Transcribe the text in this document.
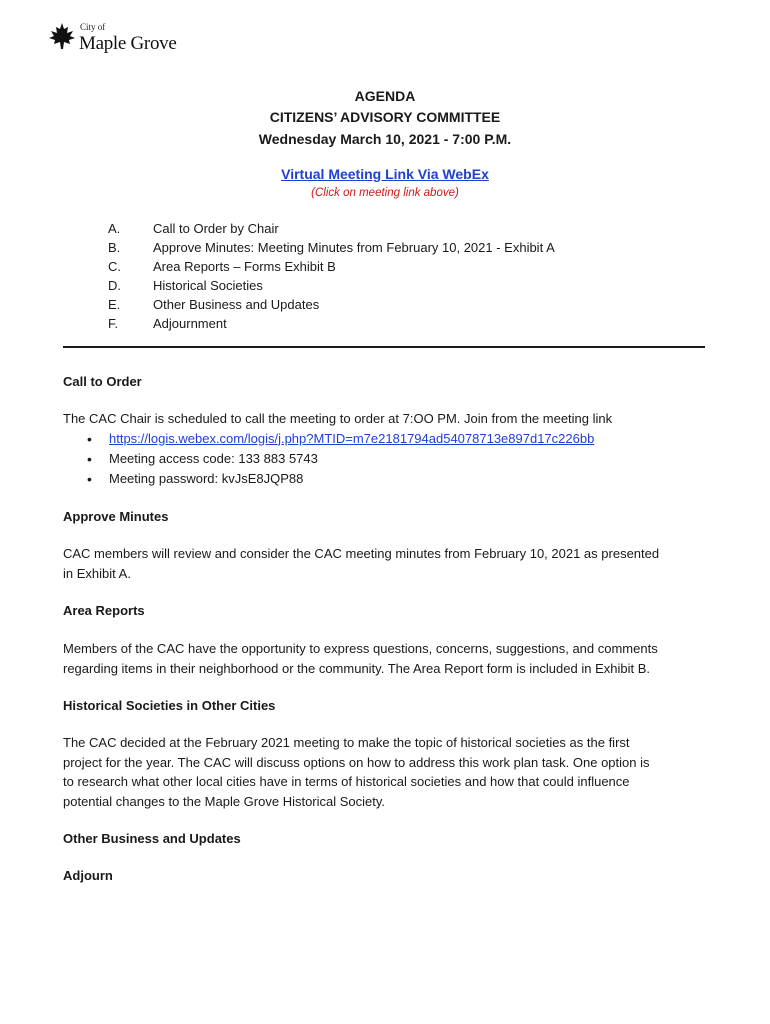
City of
Maple Grove
AGENDA
CITIZENS’ ADVISORY COMMITTEE
Wednesday March 10, 2021 - 7:00 P.M.
Virtual Meeting Link Via WebEx
(Click on meeting link above)
A.	Call to Order by Chair
B.	Approve Minutes: Meeting Minutes from February 10, 2021 - Exhibit A
C.	Area Reports – Forms Exhibit B
D.	Historical Societies
E.	Other Business and Updates
F.	Adjournment
Call to Order
The CAC Chair is scheduled to call the meeting to order at 7:OO PM. Join from the meeting link
• https://logis.webex.com/logis/j.php?MTID=m7e2181794ad54078713e897d17c226bb
• Meeting access code: 133 883 5743
• Meeting password: kvJsE8JQP88
Approve Minutes
CAC members will review and consider the CAC meeting minutes from February 10, 2021 as presented
in Exhibit A.
Area Reports
Members of the CAC have the opportunity to express questions, concerns, suggestions, and comments
regarding items in their neighborhood or the community. The Area Report form is included in Exhibit B.
Historical Societies in Other Cities
The CAC decided at the February 2021 meeting to make the topic of historical societies as the first
project for the year. The CAC will discuss options on how to address this work plan task. One option is
to research what other local cities have in terms of historical societies and how that could influence
potential changes to the Maple Grove Historical Society.
Other Business and Updates
Adjourn
